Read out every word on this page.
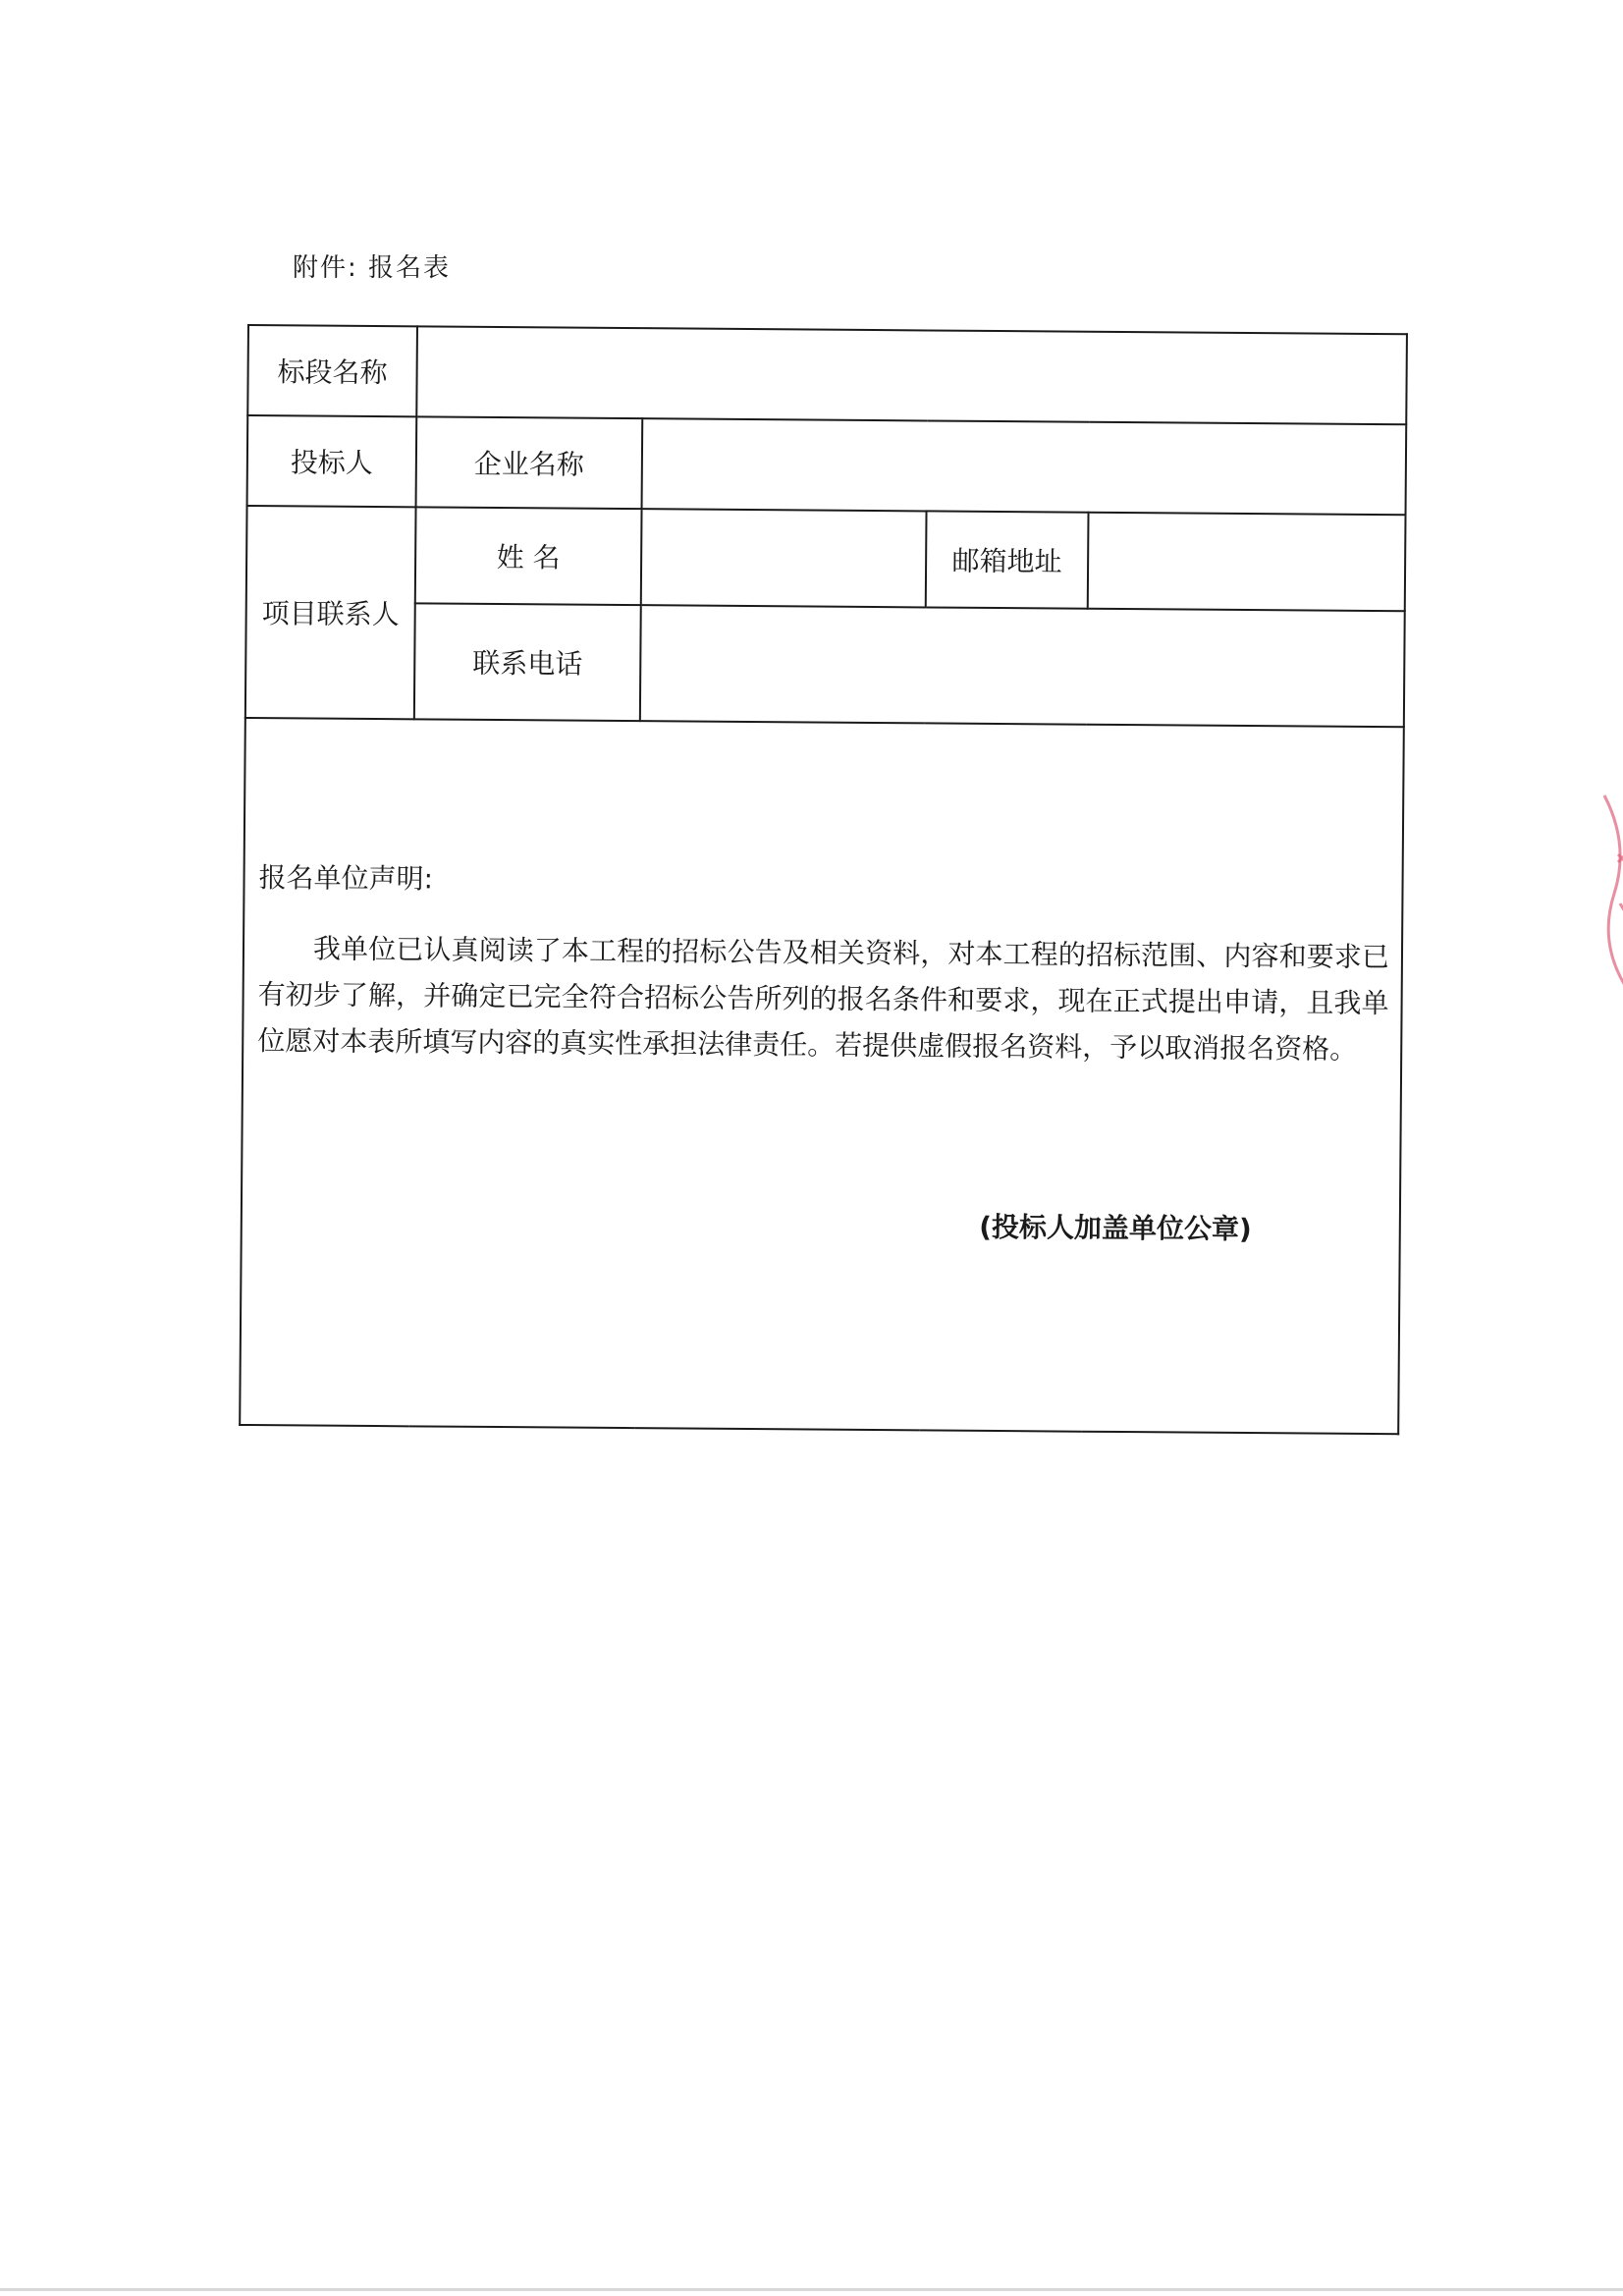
附件: 报名表
标段名称				
投标人	企业名称			
项目联系人	姓 名		邮箱地址	
	联系电话			

报名单位声明:
我单位已认真阅读了本工程的招标公告及相关资料，对本工程的招标范围、内容和要求已有初步了解，并确定已完全符合招标公告所列的报名条件和要求，现在正式提出申请，且我单位愿对本表所填写内容的真实性承担法律责任。若提供虚假报名资料，予以取消报名资格。
(投标人加盖单位公章)				
